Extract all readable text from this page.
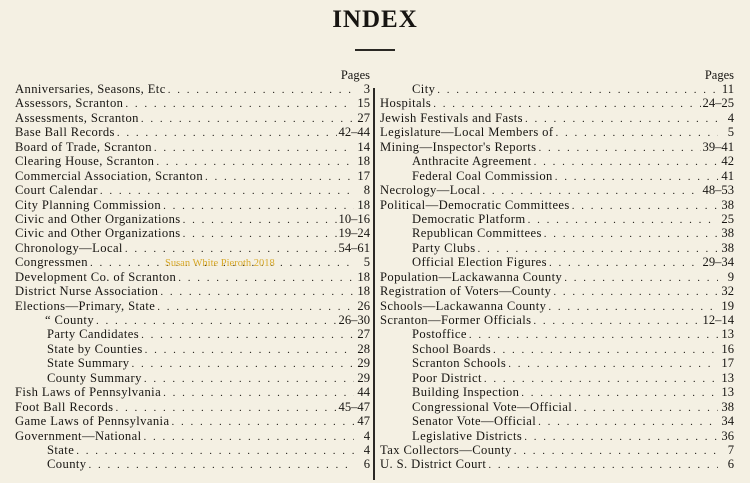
INDEX
Pages
Anniversaries, Seasons, Etc . . .	3
Assessors, Scranton . . .	15
Assessments, Scranton . . .	27
Base Ball Records . . .	42–44
Board of Trade, Scranton . . .	14
Clearing House, Scranton . . .	18
Commercial Association, Scranton . . .	17
Court Calendar . . .	8
City Planning Commission . . .	18
Civic and Other Organizations . . .	10–16
Civic and Other Organizations . . .	19–24
Chronology—Local . . .	54–61
Congressmen . . .	5
Development Co. of Scranton . . .	18
District Nurse Association . . .	18
Elections—Primary, State . . .	26
“ County . . .	26–30
Party Candidates . . .	27
State by Counties . . .	28
State Summary . . .	29
County Summary . . .	29
Fish Laws of Pennsylvania . . .	44
Foot Ball Records . . .	45–47
Game Laws of Pennsylvania . . .	47
Government—National . . .	4
State . . .	4
County . . .	6
Pages
City . . .	11
Hospitals . . .	24–25
Jewish Festivals and Fasts . . .	4
Legislature—Local Members of . . .	5
Mining—Inspector's Reports . . .	39–41
Anthracite Agreement . . .	42
Federal Coal Commission . . .	41
Necrology—Local . . .	48–53
Political—Democratic Committees . . .	38
Democratic Platform . . .	25
Republican Committees . . .	38
Party Clubs . . .	38
Official Election Figures . . .	29–34
Population—Lackawanna County . . .	9
Registration of Voters—County . . .	32
Schools—Lackawanna County . . .	19
Scranton—Former Officials . . .	12–14
Postoffice . . .	13
School Boards . . .	16
Scranton Schools . . .	17
Poor District . . .	13
Building Inspection . . .	13
Congressional Vote—Official . . .	38
Senator Vote—Official . . .	34
Legislative Districts . . .	36
Tax Collectors—County . . .	7
U. S. District Court . . .	6
Susan White Pieroth 2018
